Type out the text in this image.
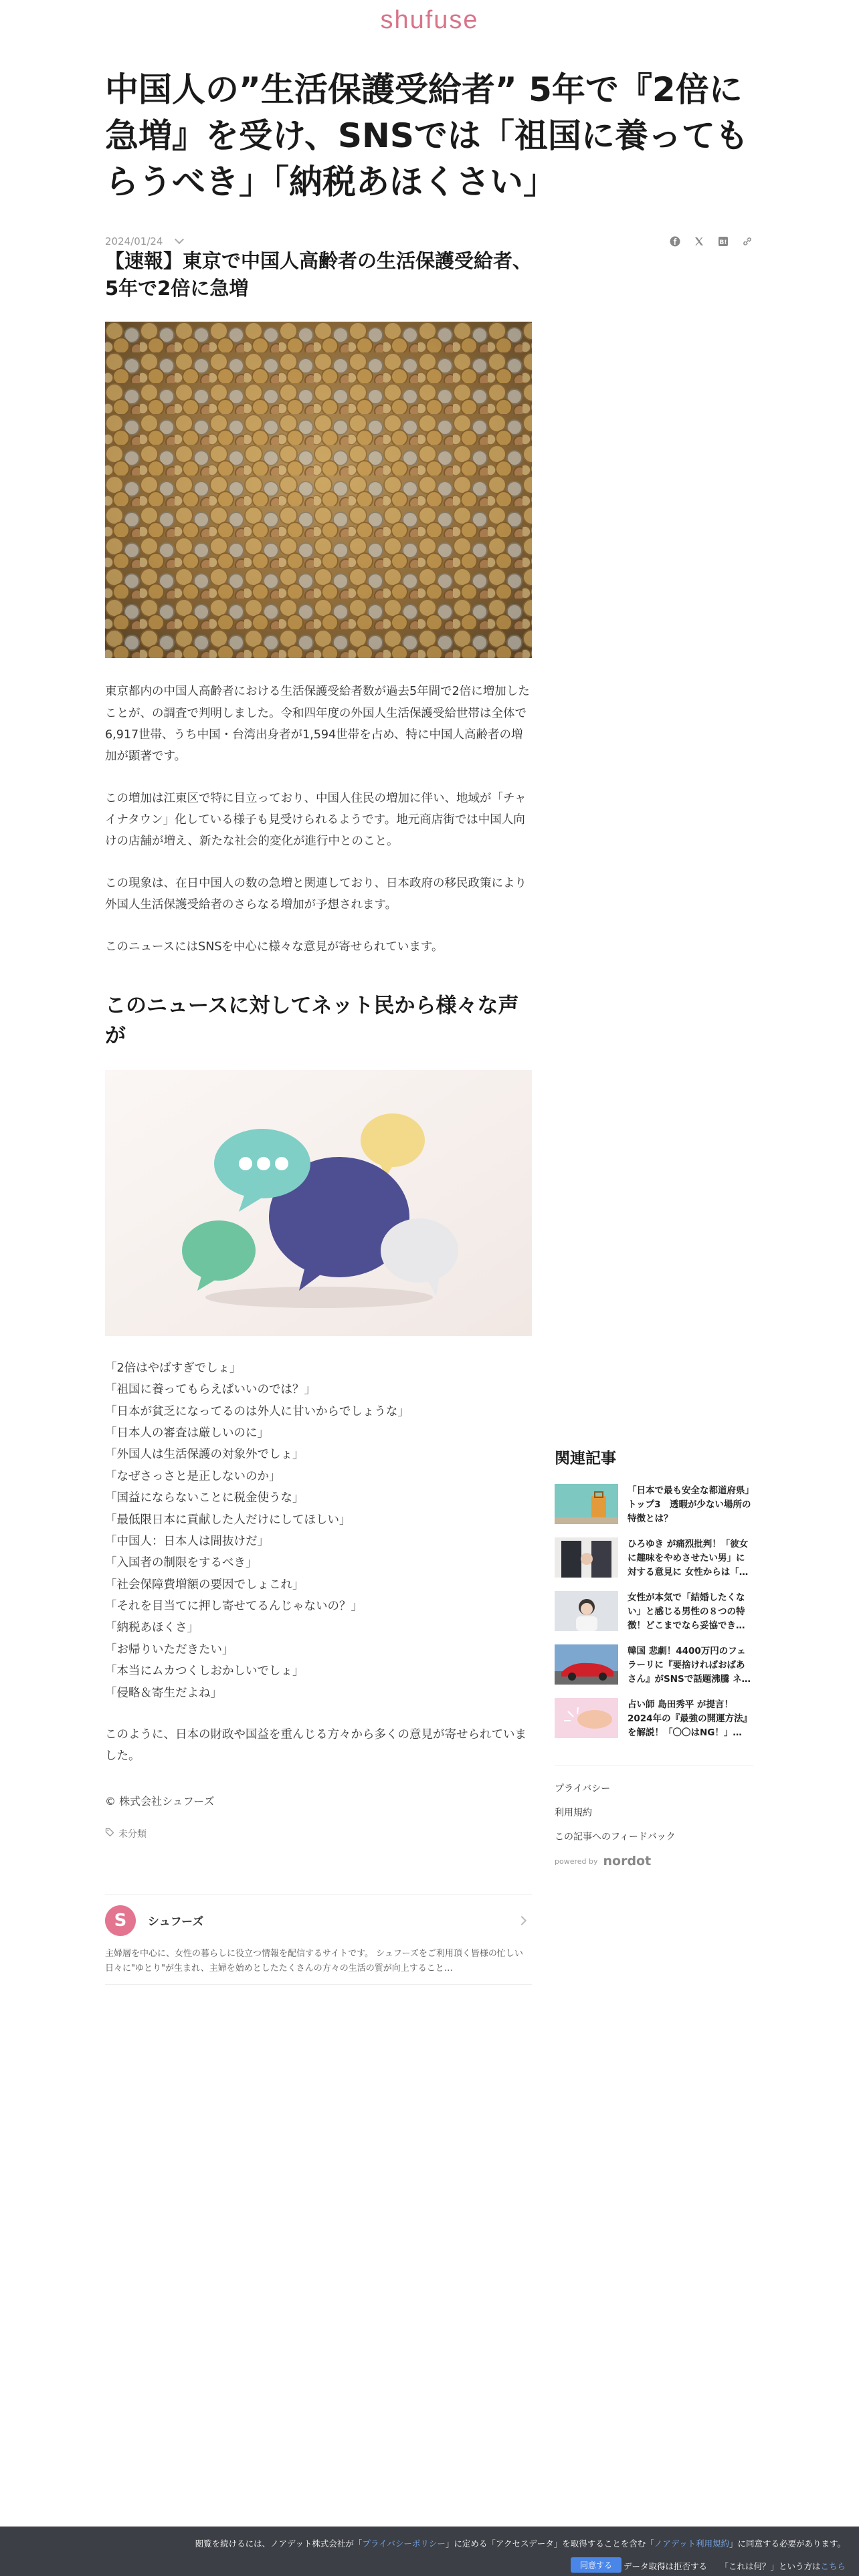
shufuse
中国人の”生活保護受給者” 5年で『2倍に急増』を受け、SNSでは「祖国に養ってもらうべき」「納税あほくさい」
2024/01/24	B!
【速報】東京で中国人高齢者の生活保護受給者、5年で2倍に急増

東京都内の中国人高齢者における生活保護受給者数が過去5年間で2倍に増加したことが、の調査で判明しました。令和四年度の外国人生活保護受給世帯は全体で6,917世帯、うち中国・台湾出身者が1,594世帯を占め、特に中国人高齢者の増加が顕著です。

この増加は江東区で特に目立っており、中国人住民の増加に伴い、地域が「チャイナタウン」化している様子も見受けられるようです。地元商店街では中国人向けの店舗が増え、新たな社会的変化が進行中とのこと。

この現象は、在日中国人の数の急増と関連しており、日本政府の移民政策により外国人生活保護受給者のさらなる増加が予想されます。

このニュースにはSNSを中心に様々な意見が寄せられています。

このニュースに対してネット民から様々な声が
「2倍はやばすぎでしょ」
「祖国に養ってもらえばいいのでは？」
「日本が貧乏になってるのは外人に甘いからでしょうな」
「日本人の審査は厳しいのに」
「外国人は生活保護の対象外でしょ」
「なぜさっさと是正しないのか」
「国益にならないことに税金使うな」
「最低限日本に貢献した人だけにしてほしい」
「中国人：日本人は間抜けだ」
「入国者の制限をするべき」
「社会保障費増額の要因でしょこれ」
「それを目当てに押し寄せてるんじゃないの？」
「納税あほくさ」
「お帰りいただきたい」
「本当にムカつくしおかしいでしょ」
「侵略＆寄生だよね」

このように、日本の財政や国益を重んじる方々から多くの意見が寄せられていました。

© 株式会社シュフーズ
未分類
S	シュフーズ

主婦層を中心に、女性の暮らしに役立つ情報を配信するサイトです。 シュフーズをご利用頂く皆様の忙しい日々に"ゆとり"が生まれ、主婦を始めとしたたくさんの方々の生活の質が向上すること…

関連記事
「日本で最も安全な都道府県」トップ3　透暇が少ない場所の特徴とは？
ひろゆき が痛烈批判！「彼女に趣味をやめさせたい男」に対する意見に 女性からは「…
女性が本気で「結婚したくない」と感じる男性の８つの特徴！どこまでなら妥協でき…
韓国 悲劇！4400万円のフェラーリに『要捨ければおばあさん』がSNSで話題沸騰 ネ…
占い師 島田秀平 が提言！2024年の『最強の開運方法』を解説！「〇〇はNG！」…
プライバシー
利用規約
この記事へのフィードバック
powered by nordot
閲覧を続けるには、ノアデット株式会社が「プライバシーポリシー」に定める「アクセスデータ」を取得することを含む「ノアデット利用規約」に同意する必要があります。
同意する	データ取得は拒否する 「これは何？」という方はこちら
